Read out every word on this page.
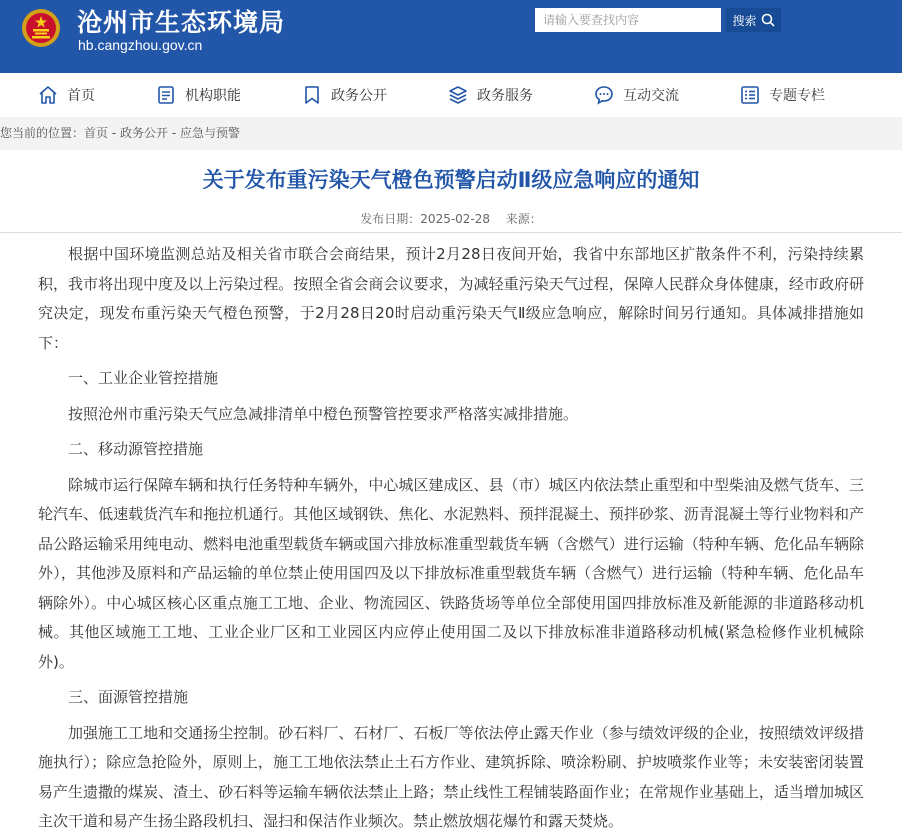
沧州市生态环境局
hb.cangzhou.gov.cn
请输入要查找内容
搜索
首页	机构职能	政务公开	政务服务	互动交流	专题专栏
您当前的位置：首页 - 政务公开 - 应急与预警
关于发布重污染天气橙色预警启动Ⅱ级应急响应的通知
发布日期：2025-02-28 来源：

根据中国环境监测总站及相关省市联合会商结果，预计2月28日夜间开始，我省中东部地区扩散条件不利，污染持续累积，我市将出现中度及以上污染过程。按照全省会商会议要求，为减轻重污染天气过程，保障人民群众身体健康，经市政府研究决定，现发布重污染天气橙色预警，于2月28日20时启动重污染天气Ⅱ级应急响应，解除时间另行通知。具体减排措施如下：

一、工业企业管控措施

按照沧州市重污染天气应急减排清单中橙色预警管控要求严格落实减排措施。

二、移动源管控措施

除城市运行保障车辆和执行任务特种车辆外，中心城区建成区、县（市）城区内依法禁止重型和中型柴油及燃气货车、三轮汽车、低速载货汽车和拖拉机通行。其他区域钢铁、焦化、水泥熟料、预拌混凝土、预拌砂浆、沥青混凝土等行业物料和产品公路运输采用纯电动、燃料电池重型载货车辆或国六排放标准重型载货车辆（含燃气）进行运输（特种车辆、危化品车辆除外），其他涉及原料和产品运输的单位禁止使用国四及以下排放标准重型载货车辆（含燃气）进行运输（特种车辆、危化品车辆除外）。中心城区核心区重点施工工地、企业、物流园区、铁路货场等单位全部使用国四排放标准及新能源的非道路移动机械。其他区域施工工地、工业企业厂区和工业园区内应停止使用国二及以下排放标准非道路移动机械(紧急检修作业机械除外)。

三、面源管控措施

加强施工工地和交通扬尘控制。砂石料厂、石材厂、石板厂等依法停止露天作业（参与绩效评级的企业，按照绩效评级措施执行）；除应急抢险外，原则上，施工工地依法禁止土石方作业、建筑拆除、喷涂粉刷、护坡喷浆作业等；未安装密闭装置易产生遗撒的煤炭、渣土、砂石料等运输车辆依法禁止上路；禁止线性工程铺装路面作业；在常规作业基础上，适当增加城区主次干道和易产生扬尘路段机扫、湿扫和保洁作业频次。禁止燃放烟花爆竹和露天焚烧。
